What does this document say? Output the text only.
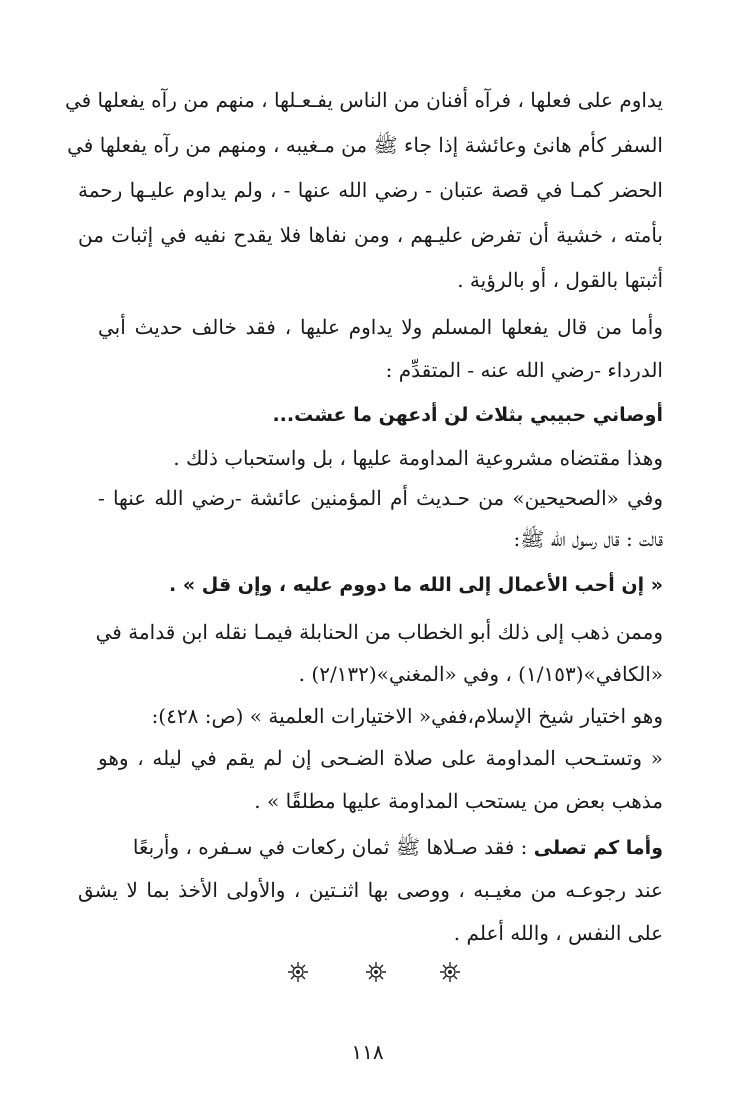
يداوم على فعلها ، فرآه أفنان من الناس يفـعـلها ، منهم من رآه يفعلها في
السفر كأم هانئ وعائشة إذا جاء ﷺ من مـغيبه ، ومنهم من رآه يفعلها في
الحضر كمـا في قصة عتبان - رضي الله عنها - ، ولم يداوم عليـها رحمة
بأمته ، خشية أن تفرض عليـهم ، ومن نفاها فلا يقدح نفيه في إثبات من
أثبتها بالقول ، أو بالرؤية .
وأما من قال يفعلها المسلم ولا يداوم عليها ، فقد خالف حديث أبي
الدرداء -رضي الله عنه - المتقدِّم :
أوصاني حبيبي بثلاث لن أدعهن ما عشت...
وهذا مقتضاه مشروعية المداومة عليها ، بل واستحباب ذلك .
وفي «الصحيحين» من حـديث أم المؤمنين عائشة -رضي الله عنها -
قالت : قال رسول الله ﷺ:
« إن أحب الأعمال إلى الله ما دووم عليه ، وإن قل » .
وممن ذهب إلى ذلك أبو الخطاب من الحنابلة فيمـا نقله ابن قدامة في
«الكافي»(١/١٥٣) ، وفي «المغني»(٢/١٣٢) .
وهو اختيار شيخ الإسلام،ففي« الاختيارات العلمية » (ص: ٤٢٨):
« وتستـحب المداومة على صلاة الضـحى إن لم يقم في ليله ، وهو
مذهب بعض من يستحب المداومة عليها مطلقًا » .
وأما كم تصلى : فقد صـلاها ﷺ ثمان ركعات في سـفره ، وأربعًا
عند رجوعـه من مغيـبه ، ووصى بها اثنـتين ، والأولى الأخذ بما لا يشق
على النفس ، والله أعلم .
١١٨
